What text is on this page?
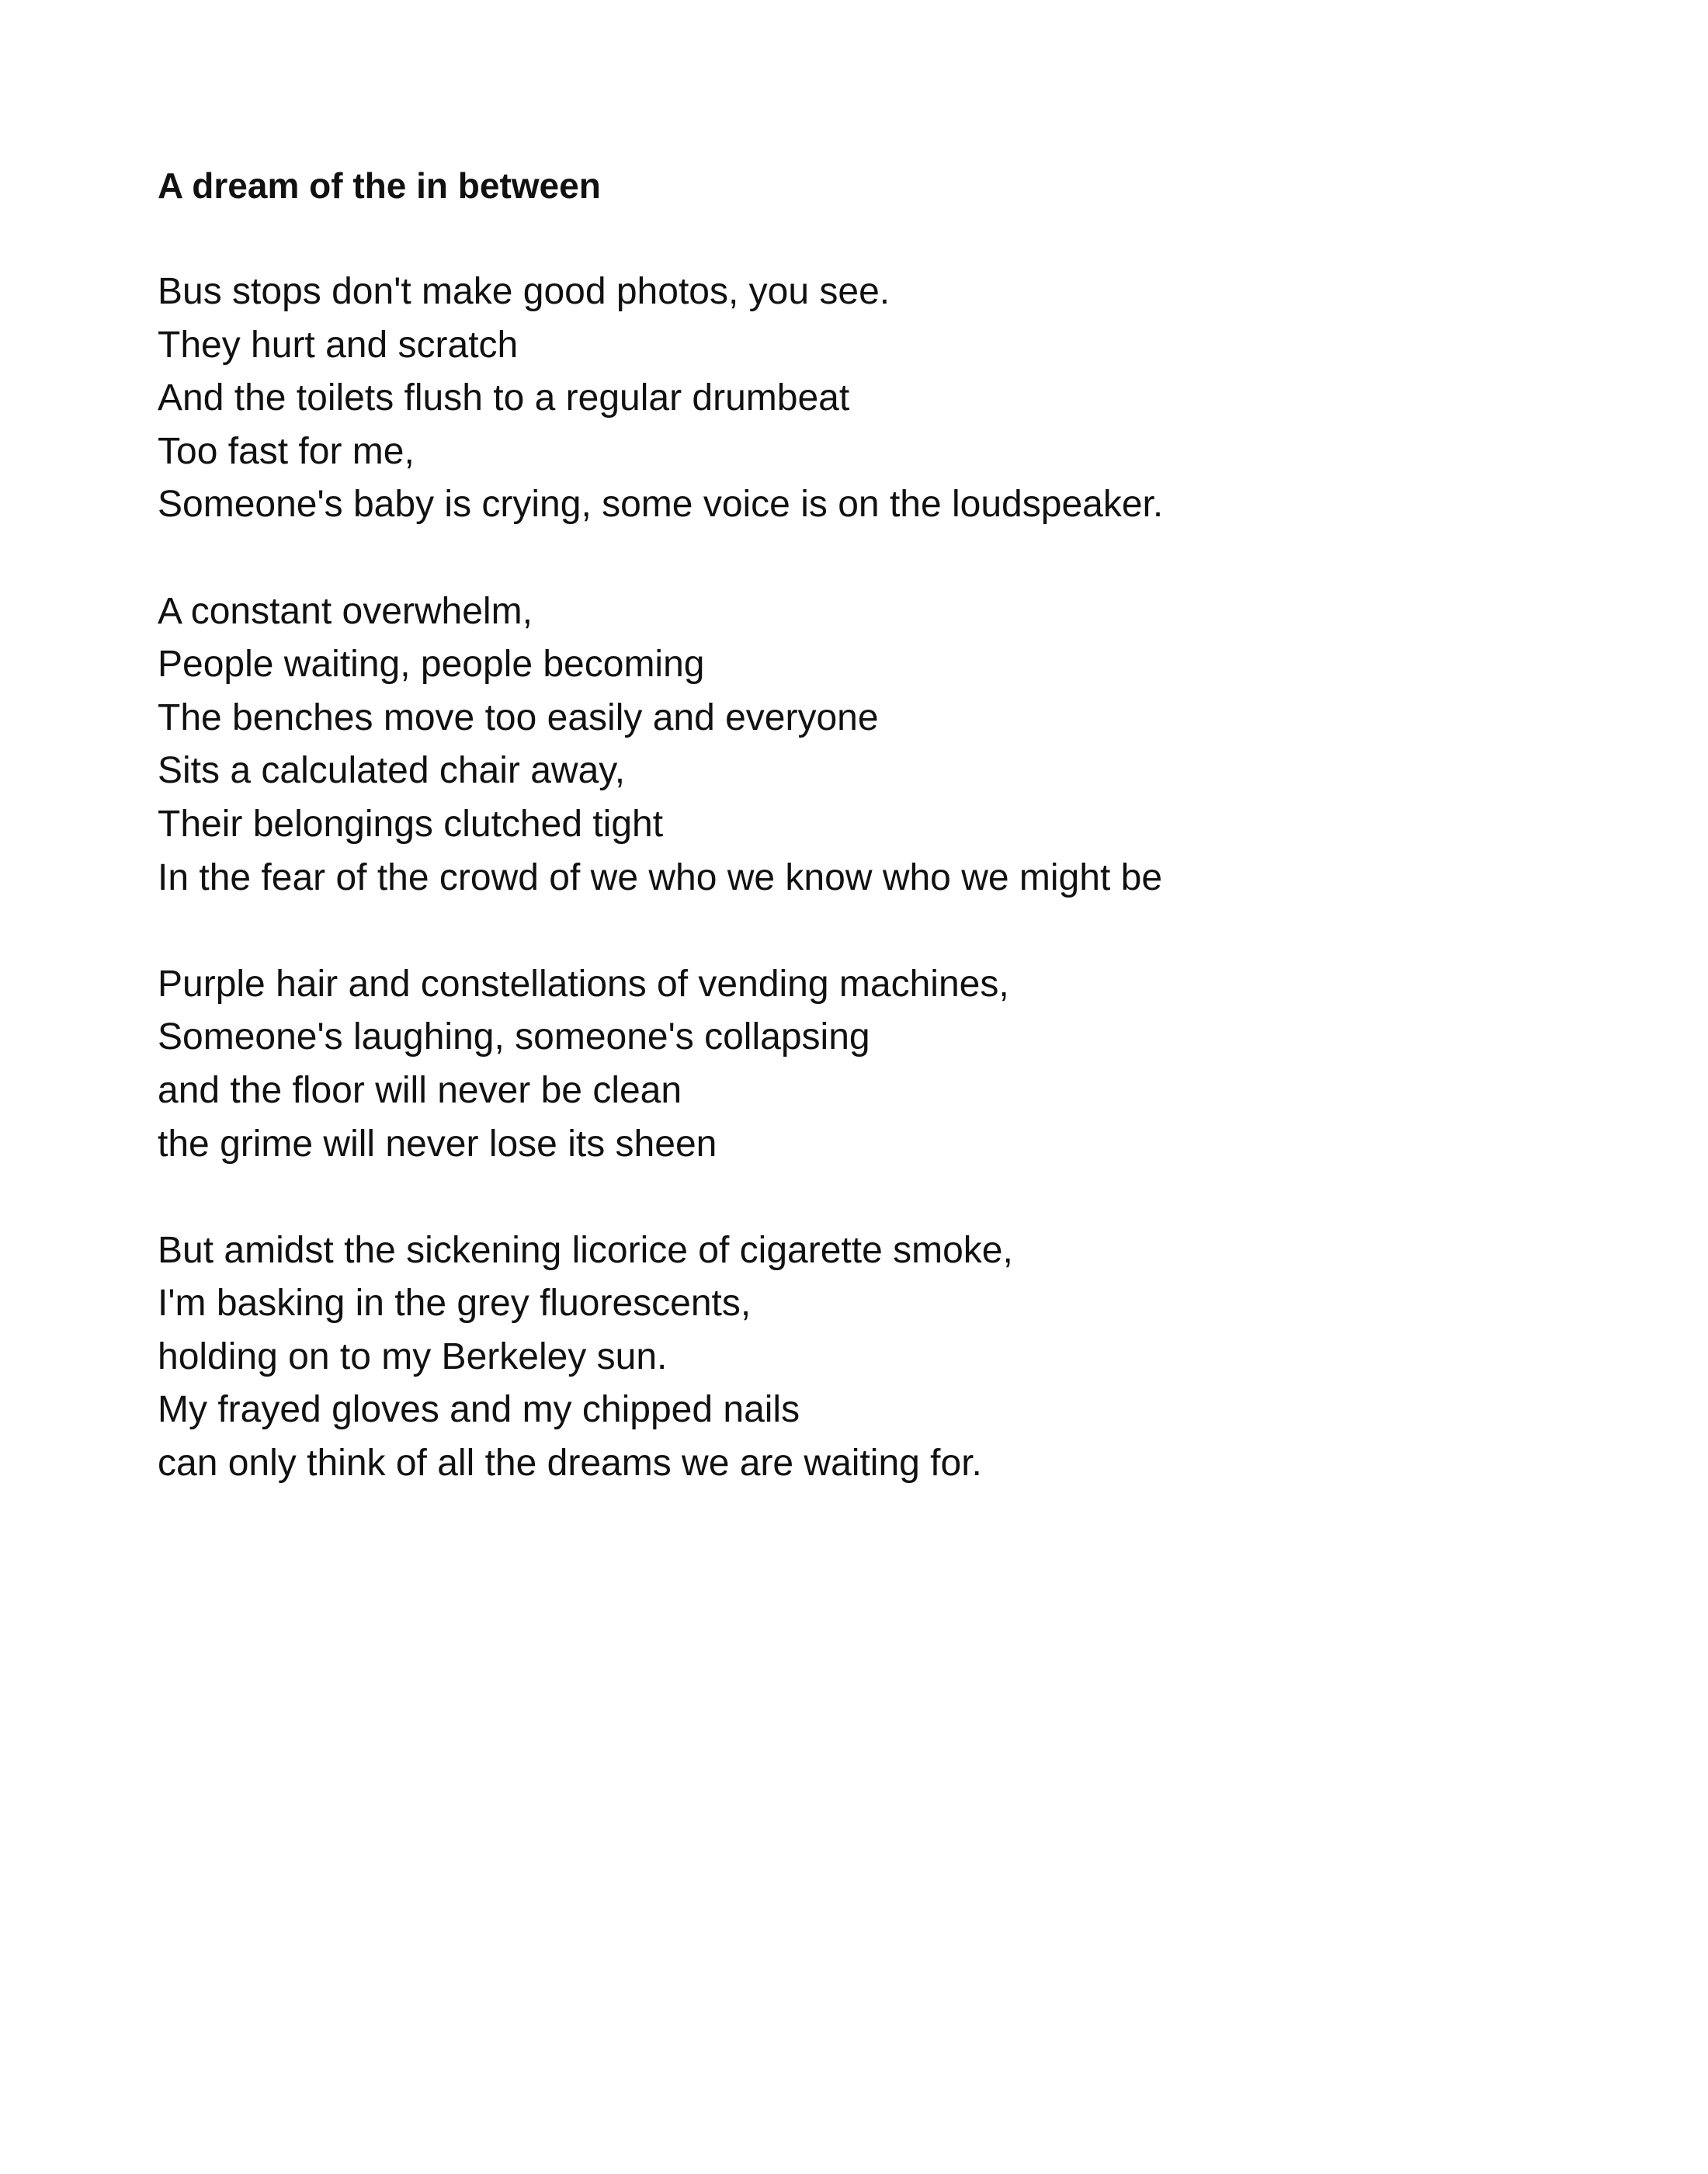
A dream of the in between
Bus stops don't make good photos, you see.
They hurt and scratch
And the toilets flush to a regular drumbeat
Too fast for me,
Someone's baby is crying, some voice is on the loudspeaker.
A constant overwhelm,
People waiting, people becoming
The benches move too easily and everyone
Sits a calculated chair away,
Their belongings clutched tight
In the fear of the crowd of we who we know who we might be
Purple hair and constellations of vending machines,
Someone's laughing, someone's collapsing
and the floor will never be clean
the grime will never lose its sheen
But amidst the sickening licorice of cigarette smoke,
I'm basking in the grey fluorescents,
holding on to my Berkeley sun.
My frayed gloves and my chipped nails
can only think of all the dreams we are waiting for.
